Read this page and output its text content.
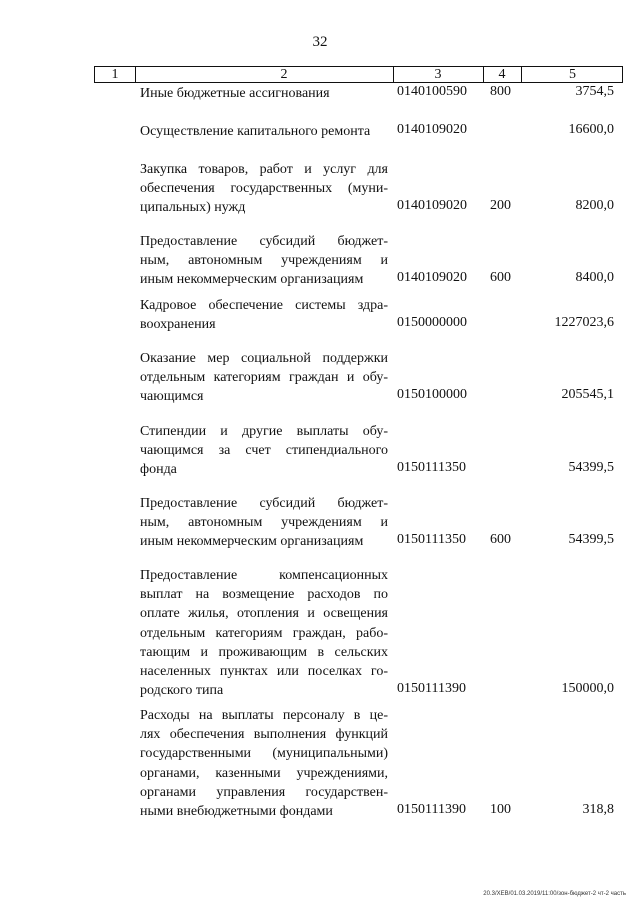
32
1	2	3	4	5
Иные бюджетные ассигнования	0140100590 800	3754,5
Осуществление капитального ремонта	0140109020	16600,0
Закупка товаров, работ и услуг для
обеспечения государственных (муни-
ципальных) нужд	0140109020 200	8200,0
Предоставление субсидий бюджет-
ным, автономным учреждениям и
иным некоммерческим организациям	0140109020 600	8400,0
Кадровое обеспечение системы здра-
воохранения	0150000000	1227023,6
Оказание мер социальной поддержки
отдельным категориям граждан и обу-
чающимся	0150100000	205545,1
Стипендии и другие выплаты обу-
чающимся за счет стипендиального
фонда	0150111350	54399,5
Предоставление субсидий бюджет-
ным, автономным учреждениям и
иным некоммерческим организациям	0150111350 600	54399,5
Предоставление компенсационных
выплат на возмещение расходов по
оплате жилья, отопления и освещения
отдельным категориям граждан, рабо-
тающим и проживающим в сельских
населенных пунктах или поселках го-
родского типа	0150111390	150000,0
Расходы на выплаты персоналу в це-
лях обеспечения выполнения функций
государственными (муниципальными)
органами, казенными учреждениями,
органами управления государствен-
ными внебюджетными фондами	0150111390 100	318,8
20.3/XEB/01.03.2019/11:00/зон-бюджет-2 чт-2 часть
